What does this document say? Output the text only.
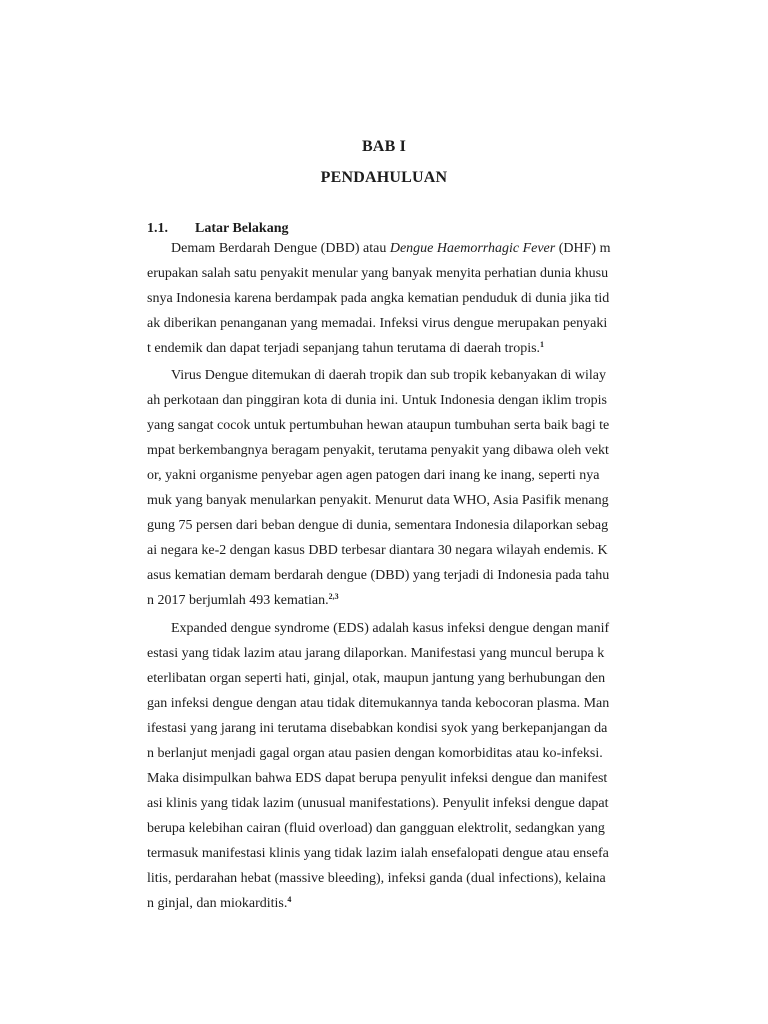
BAB I
PENDAHULUAN
1.1. Latar Belakang
Demam Berdarah Dengue (DBD) atau Dengue Haemorrhagic Fever (DHF) m
erupakan salah satu penyakit menular yang banyak menyita perhatian dunia khusu
snya Indonesia karena berdampak pada angka kematian penduduk di dunia jika tid
ak diberikan penanganan yang memadai. Infeksi virus dengue merupakan penyaki
t endemik dan dapat terjadi sepanjang tahun terutama di daerah tropis.$^1$
Virus Dengue ditemukan di daerah tropik dan sub tropik kebanyakan di wilay
ah perkotaan dan pinggiran kota di dunia ini. Untuk Indonesia dengan iklim tropis
yang sangat cocok untuk pertumbuhan hewan ataupun tumbuhan serta baik bagi te
mpat berkembangnya beragam penyakit, terutama penyakit yang dibawa oleh vekt
or, yakni organisme penyebar agen agen patogen dari inang ke inang, seperti nya
muk yang banyak menularkan penyakit. Menurut data WHO, Asia Pasifik menang
gung 75 persen dari beban dengue di dunia, sementara Indonesia dilaporkan sebag
ai negara ke-2 dengan kasus DBD terbesar diantara 30 negara wilayah endemis. K
asus kematian demam berdarah dengue (DBD) yang terjadi di Indonesia pada tahu
n 2017 berjumlah 493 kematian.$^{2,3}$
Expanded dengue syndrome (EDS) adalah kasus infeksi dengue dengan manif
estasi yang tidak lazim atau jarang dilaporkan. Manifestasi yang muncul berupa k
eterlibatan organ seperti hati, ginjal, otak, maupun jantung yang berhubungan den
gan infeksi dengue dengan atau tidak ditemukannya tanda kebocoran plasma. Man
ifestasi yang jarang ini terutama disebabkan kondisi syok yang berkepanjangan da
n berlanjut menjadi gagal organ atau pasien dengan komorbiditas atau ko-infeksi.
Maka disimpulkan bahwa EDS dapat berupa penyulit infeksi dengue dan manifest
asi klinis yang tidak lazim (unusual manifestations). Penyulit infeksi dengue dapat
berupa kelebihan cairan (fluid overload) dan gangguan elektrolit, sedangkan yang
termasuk manifestasi klinis yang tidak lazim ialah ensefalopati dengue atau ensefa
litis, perdarahan hebat (massive bleeding), infeksi ganda (dual infections), kelaina
n ginjal, dan miokarditis.$^4$
